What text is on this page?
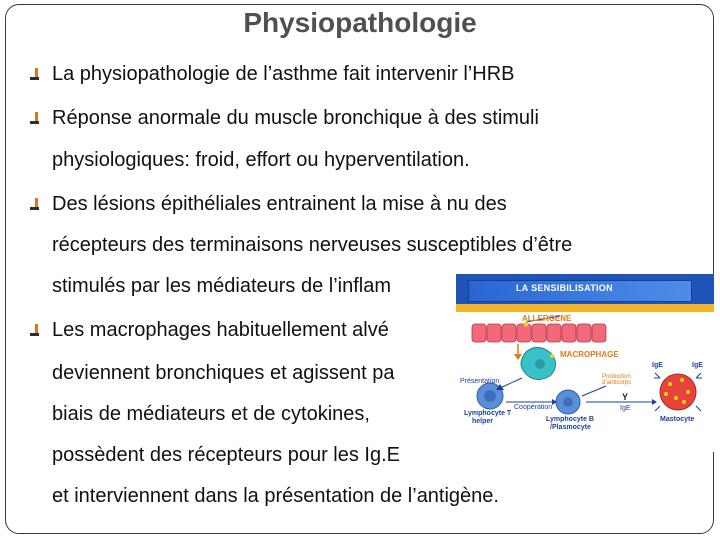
Physiopathologie
La physiopathologie de l’asthme fait intervenir l’HRB
Réponse anormale du muscle bronchique à des stimuli
physiologiques: froid, effort ou hyperventilation.
Des lésions épithéliales entrainent la mise à nu des
récepteurs des terminaisons nerveuses susceptibles d’être
stimulés par les médiateurs de l’inflam
Les macrophages habituellement alvé
deviennent bronchiques et agissent pa
biais de médiateurs et de cytokines,
possèdent des récepteurs pour les Ig.E
et interviennent dans la présentation de l’antigène.
LA SENSIBILISATION
ALLERGENE
MACROPHAGE
Présentation
Production
d’anticorps
Coopération
Lymphocyte T
helper	Lymphocyte B
/Plasmocyte
IgE	IgE
Y
IgE
Mastocyte
